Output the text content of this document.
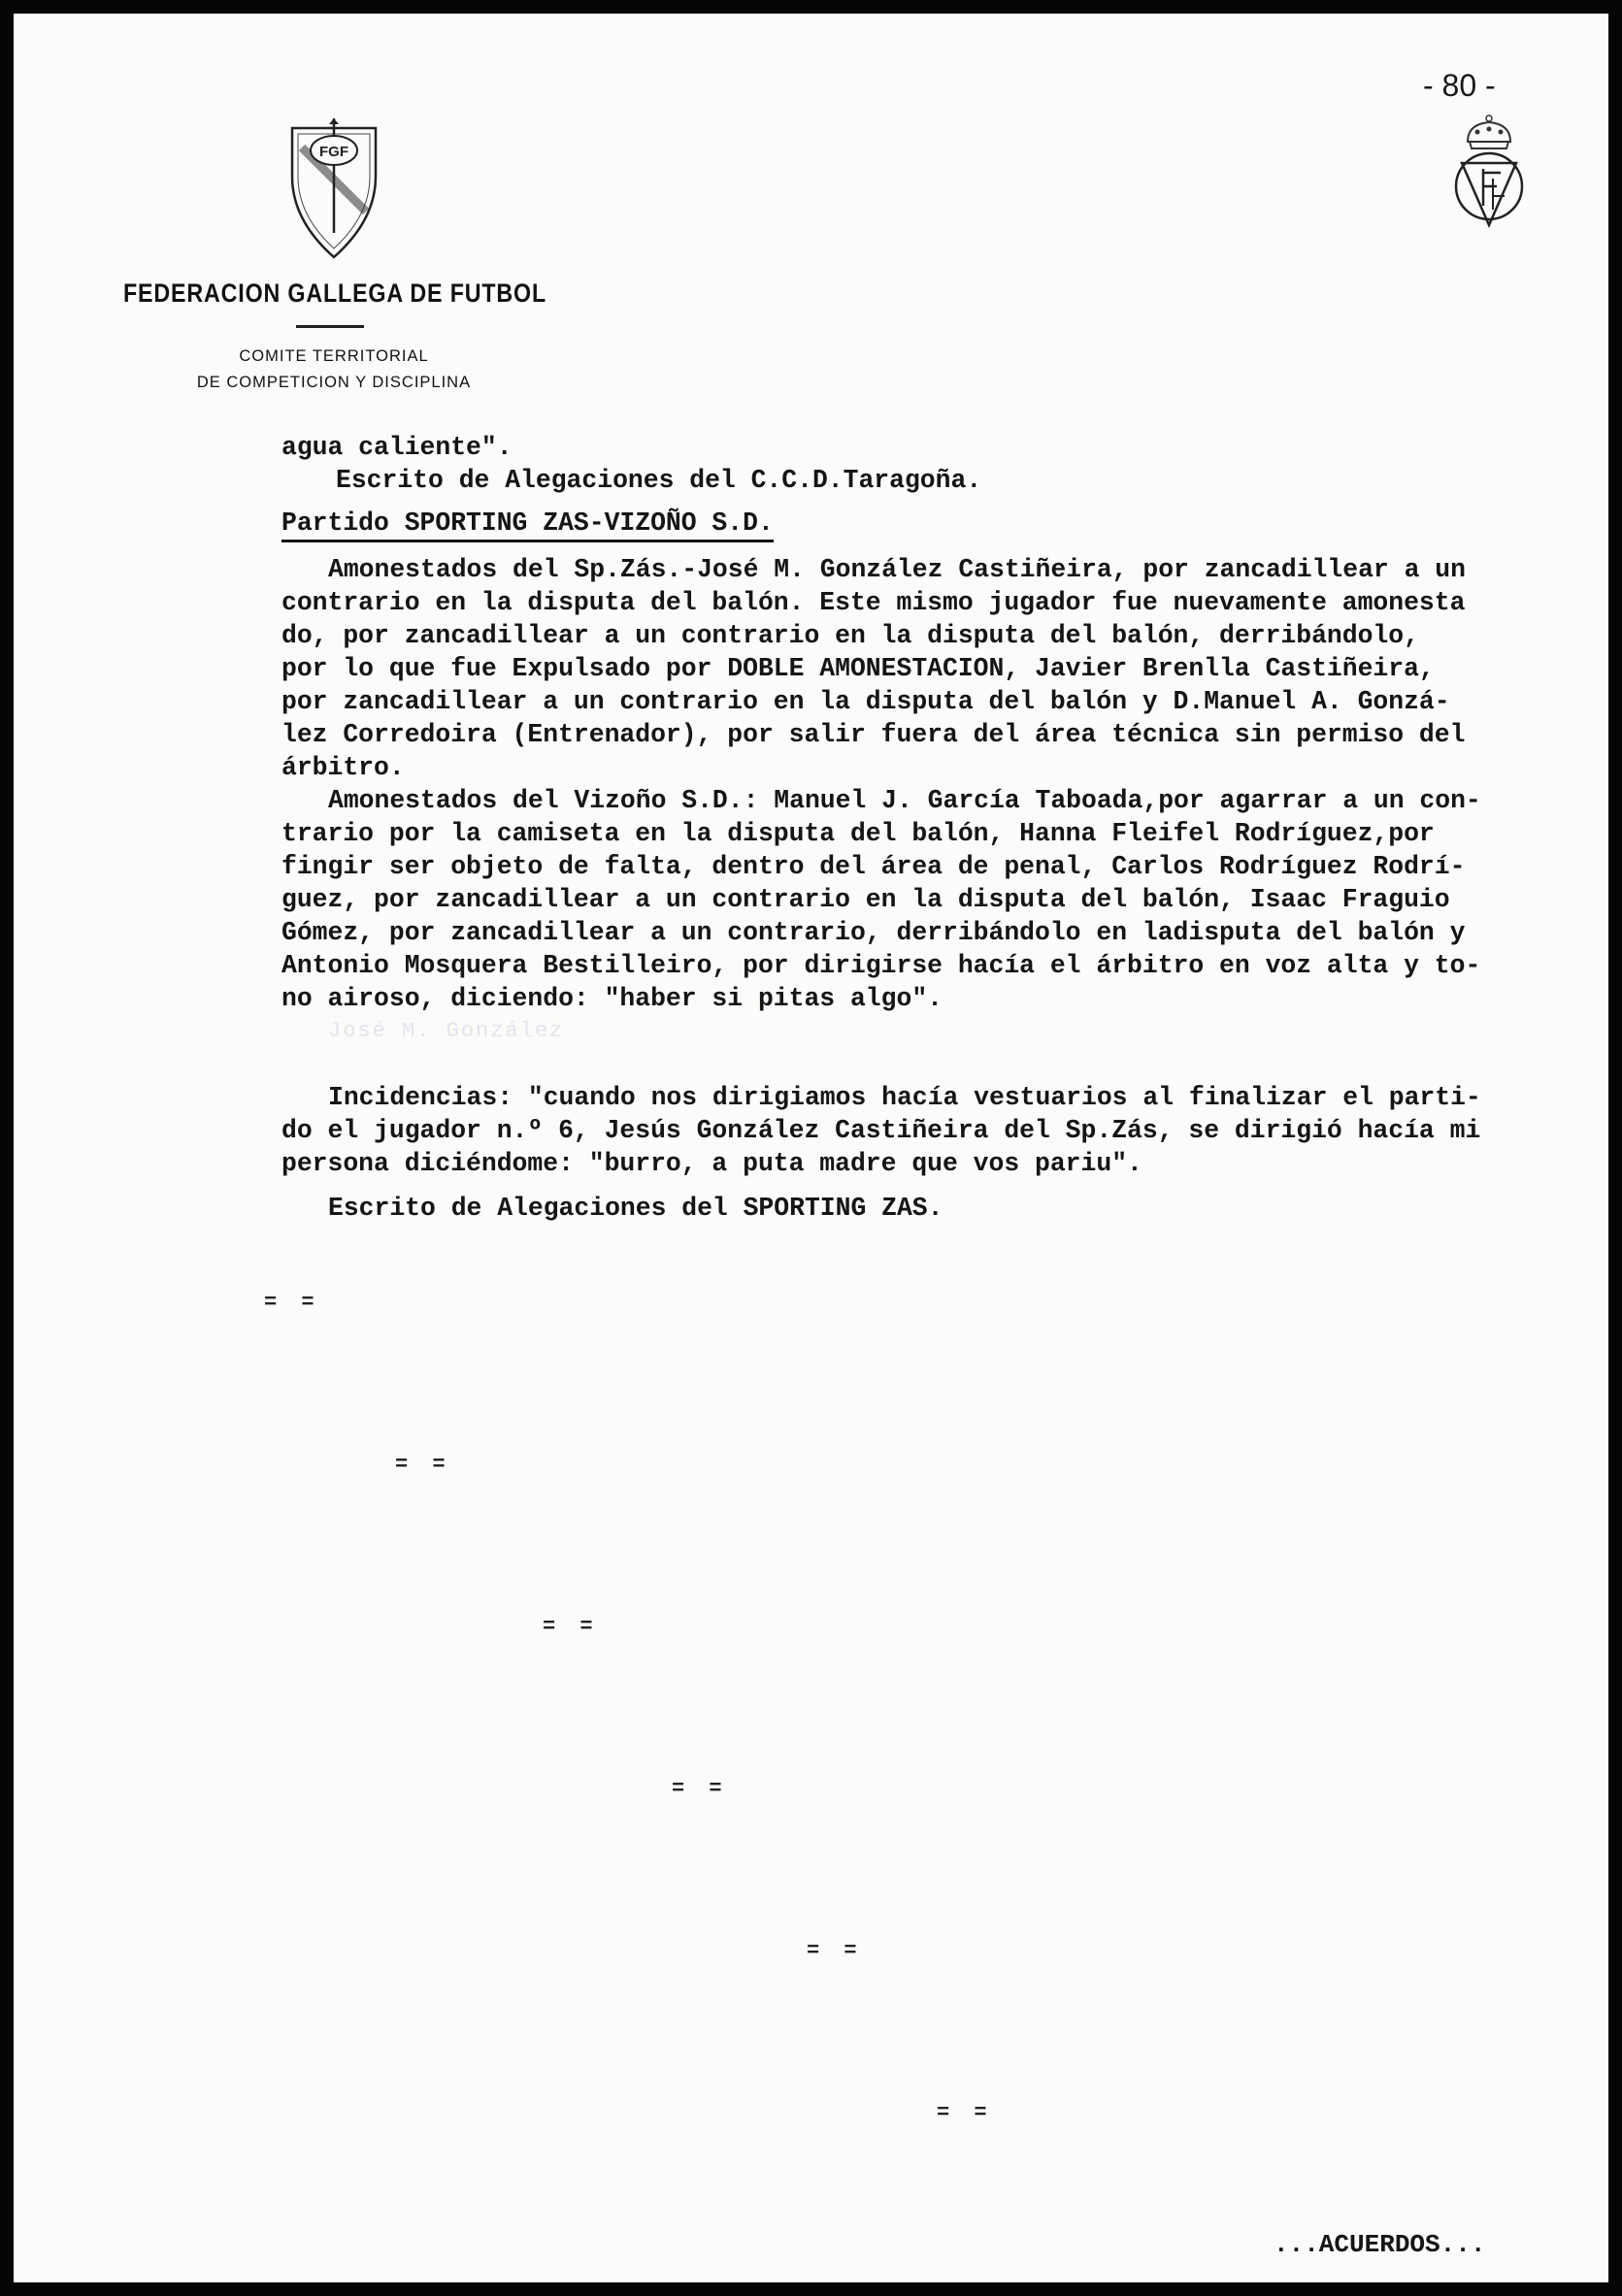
- 80 -
FGF
FEDERACION GALLEGA DE FUTBOL
COMITE TERRITORIAL
DE COMPETICION Y DISCIPLINA
agua caliente".
Escrito de Alegaciones del C.C.D.Taragoña.
Partido SPORTING ZAS-VIZOÑO S.D.
Amonestados del Sp.Zás.-José M. González Castiñeira, por zancadillear a un
contrario en la disputa del balón. Este mismo jugador fue nuevamente amonesta
do, por zancadillear a un contrario en la disputa del balón, derribándolo,
por lo que fue Expulsado por DOBLE AMONESTACION, Javier Brenlla Castiñeira,
por zancadillear a un contrario en la disputa del balón y D.Manuel A. Gonzá-
lez Corredoira (Entrenador), por salir fuera del área técnica sin permiso del
árbitro.
Amonestados del Vizoño S.D.: Manuel J. García Taboada,por agarrar a un con-
trario por la camiseta en la disputa del balón, Hanna Fleifel Rodríguez,por
fingir ser objeto de falta, dentro del área de penal, Carlos Rodríguez Rodrí-
guez, por zancadillear a un contrario en la disputa del balón, Isaac Fraguio
Gómez, por zancadillear a un contrario, derribándolo en ladisputa del balón y
Antonio Mosquera Bestilleiro, por dirigirse hacía el árbitro en voz alta y to-
no airoso, diciendo: "haber si pitas algo".
José M. González
Incidencias: "cuando nos dirigiamos hacía vestuarios al finalizar el parti-
do el jugador n.º 6, Jesús González Castiñeira del Sp.Zás, se dirigió hacía mi
persona diciéndome: "burro, a puta madre que vos pariu".
Escrito de Alegaciones del SPORTING ZAS.
= =
= =
= =
= =
= =
= =
...ACUERDOS...
